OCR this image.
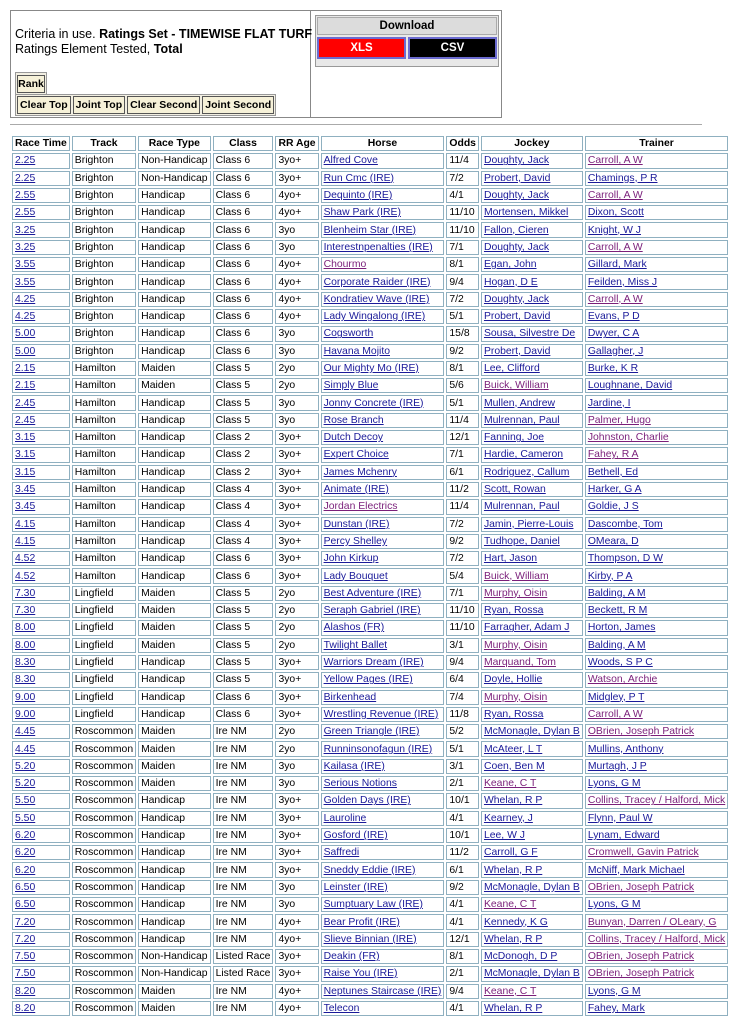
Criteria in use. Ratings Set - TIMEWISE FLAT TURF
Ratings Element Tested, Total
Rank
Clear Top Joint Top Clear Second Joint Second
Download
XLS	CSV
Race Time	Track	Race Type	Class	RR Age	Horse	Odds	Jockey	Trainer
2.25	Brighton	Non-Handicap	Class 6	3yo+	Alfred Cove	11/4	Doughty, Jack	Carroll, A W
2.25	Brighton	Non-Handicap	Class 6	3yo+	Run Cmc (IRE)	7/2	Probert, David	Chamings, P R
2.55	Brighton	Handicap	Class 6	4yo+	Dequinto (IRE)	4/1	Doughty, Jack	Carroll, A W
2.55	Brighton	Handicap	Class 6	4yo+	Shaw Park (IRE)	11/10	Mortensen, Mikkel	Dixon, Scott
3.25	Brighton	Handicap	Class 6	3yo	Blenheim Star (IRE)	11/10	Fallon, Cieren	Knight, W J
3.25	Brighton	Handicap	Class 6	3yo	Interestnpenalties (IRE)	7/1	Doughty, Jack	Carroll, A W
3.55	Brighton	Handicap	Class 6	4yo+	Chourmo	8/1	Egan, John	Gillard, Mark
3.55	Brighton	Handicap	Class 6	4yo+	Corporate Raider (IRE)	9/4	Hogan, D E	Feilden, Miss J
4.25	Brighton	Handicap	Class 6	4yo+	Kondratiev Wave (IRE)	7/2	Doughty, Jack	Carroll, A W
4.25	Brighton	Handicap	Class 6	4yo+	Lady Wingalong (IRE)	5/1	Probert, David	Evans, P D
5.00	Brighton	Handicap	Class 6	3yo	Cogsworth	15/8	Sousa, Silvestre De	Dwyer, C A
5.00	Brighton	Handicap	Class 6	3yo	Havana Mojito	9/2	Probert, David	Gallagher, J
2.15	Hamilton	Maiden	Class 5	2yo	Our Mighty Mo (IRE)	8/1	Lee, Clifford	Burke, K R
2.15	Hamilton	Maiden	Class 5	2yo	Simply Blue	5/6	Buick, William	Loughnane, David
2.45	Hamilton	Handicap	Class 5	3yo	Jonny Concrete (IRE)	5/1	Mullen, Andrew	Jardine, I
2.45	Hamilton	Handicap	Class 5	3yo	Rose Branch	11/4	Mulrennan, Paul	Palmer, Hugo
3.15	Hamilton	Handicap	Class 2	3yo+	Dutch Decoy	12/1	Fanning, Joe	Johnston, Charlie
3.15	Hamilton	Handicap	Class 2	3yo+	Expert Choice	7/1	Hardie, Cameron	Fahey, R A
3.15	Hamilton	Handicap	Class 2	3yo+	James Mchenry	6/1	Rodriguez, Callum	Bethell, Ed
3.45	Hamilton	Handicap	Class 4	3yo+	Animate (IRE)	11/2	Scott, Rowan	Harker, G A
3.45	Hamilton	Handicap	Class 4	3yo+	Jordan Electrics	11/4	Mulrennan, Paul	Goldie, J S
4.15	Hamilton	Handicap	Class 4	3yo+	Dunstan (IRE)	7/2	Jamin, Pierre-Louis	Dascombe, Tom
4.15	Hamilton	Handicap	Class 4	3yo+	Percy Shelley	9/2	Tudhope, Daniel	OMeara, D
4.52	Hamilton	Handicap	Class 6	3yo+	John Kirkup	7/2	Hart, Jason	Thompson, D W
4.52	Hamilton	Handicap	Class 6	3yo+	Lady Bouquet	5/4	Buick, William	Kirby, P A
7.30	Lingfield	Maiden	Class 5	2yo	Best Adventure (IRE)	7/1	Murphy, Oisin	Balding, A M
7.30	Lingfield	Maiden	Class 5	2yo	Seraph Gabriel (IRE)	11/10	Ryan, Rossa	Beckett, R M
8.00	Lingfield	Maiden	Class 5	2yo	Alashos (FR)	11/10	Farragher, Adam J	Horton, James
8.00	Lingfield	Maiden	Class 5	2yo	Twilight Ballet	3/1	Murphy, Oisin	Balding, A M
8.30	Lingfield	Handicap	Class 5	3yo+	Warriors Dream (IRE)	9/4	Marquand, Tom	Woods, S P C
8.30	Lingfield	Handicap	Class 5	3yo+	Yellow Pages (IRE)	6/4	Doyle, Hollie	Watson, Archie
9.00	Lingfield	Handicap	Class 6	3yo+	Birkenhead	7/4	Murphy, Oisin	Midgley, P T
9.00	Lingfield	Handicap	Class 6	3yo+	Wrestling Revenue (IRE)	11/8	Ryan, Rossa	Carroll, A W
4.45	Roscommon	Maiden	Ire NM	2yo	Green Triangle (IRE)	5/2	McMonagle, Dylan B	OBrien, Joseph Patrick
4.45	Roscommon	Maiden	Ire NM	2yo	Runninsonofagun (IRE)	5/1	McAteer, L T	Mullins, Anthony
5.20	Roscommon	Maiden	Ire NM	3yo	Kailasa (IRE)	3/1	Coen, Ben M	Murtagh, J P
5.20	Roscommon	Maiden	Ire NM	3yo	Serious Notions	2/1	Keane, C T	Lyons, G M
5.50	Roscommon	Handicap	Ire NM	3yo+	Golden Days (IRE)	10/1	Whelan, R P	Collins, Tracey / Halford, Mick
5.50	Roscommon	Handicap	Ire NM	3yo+	Lauroline	4/1	Kearney, J	Flynn, Paul W
6.20	Roscommon	Handicap	Ire NM	3yo+	Gosford (IRE)	10/1	Lee, W J	Lynam, Edward
6.20	Roscommon	Handicap	Ire NM	3yo+	Saffredi	11/2	Carroll, G F	Cromwell, Gavin Patrick
6.20	Roscommon	Handicap	Ire NM	3yo+	Sneddy Eddie (IRE)	6/1	Whelan, R P	McNiff, Mark Michael
6.50	Roscommon	Handicap	Ire NM	3yo	Leinster (IRE)	9/2	McMonagle, Dylan B	OBrien, Joseph Patrick
6.50	Roscommon	Handicap	Ire NM	3yo	Sumptuary Law (IRE)	4/1	Keane, C T	Lyons, G M
7.20	Roscommon	Handicap	Ire NM	4yo+	Bear Profit (IRE)	4/1	Kennedy, K G	Bunyan, Darren / OLeary, G
7.20	Roscommon	Handicap	Ire NM	4yo+	Slieve Binnian (IRE)	12/1	Whelan, R P	Collins, Tracey / Halford, Mick
7.50	Roscommon	Non-Handicap	Listed Race	3yo+	Deakin (FR)	8/1	McDonogh, D P	OBrien, Joseph Patrick
7.50	Roscommon	Non-Handicap	Listed Race	3yo+	Raise You (IRE)	2/1	McMonagle, Dylan B	OBrien, Joseph Patrick
8.20	Roscommon	Maiden	Ire NM	4yo+	Neptunes Staircase (IRE)	9/4	Keane, C T	Lyons, G M
8.20	Roscommon	Maiden	Ire NM	4yo+	Telecon	4/1	Whelan, R P	Fahey, Mark
